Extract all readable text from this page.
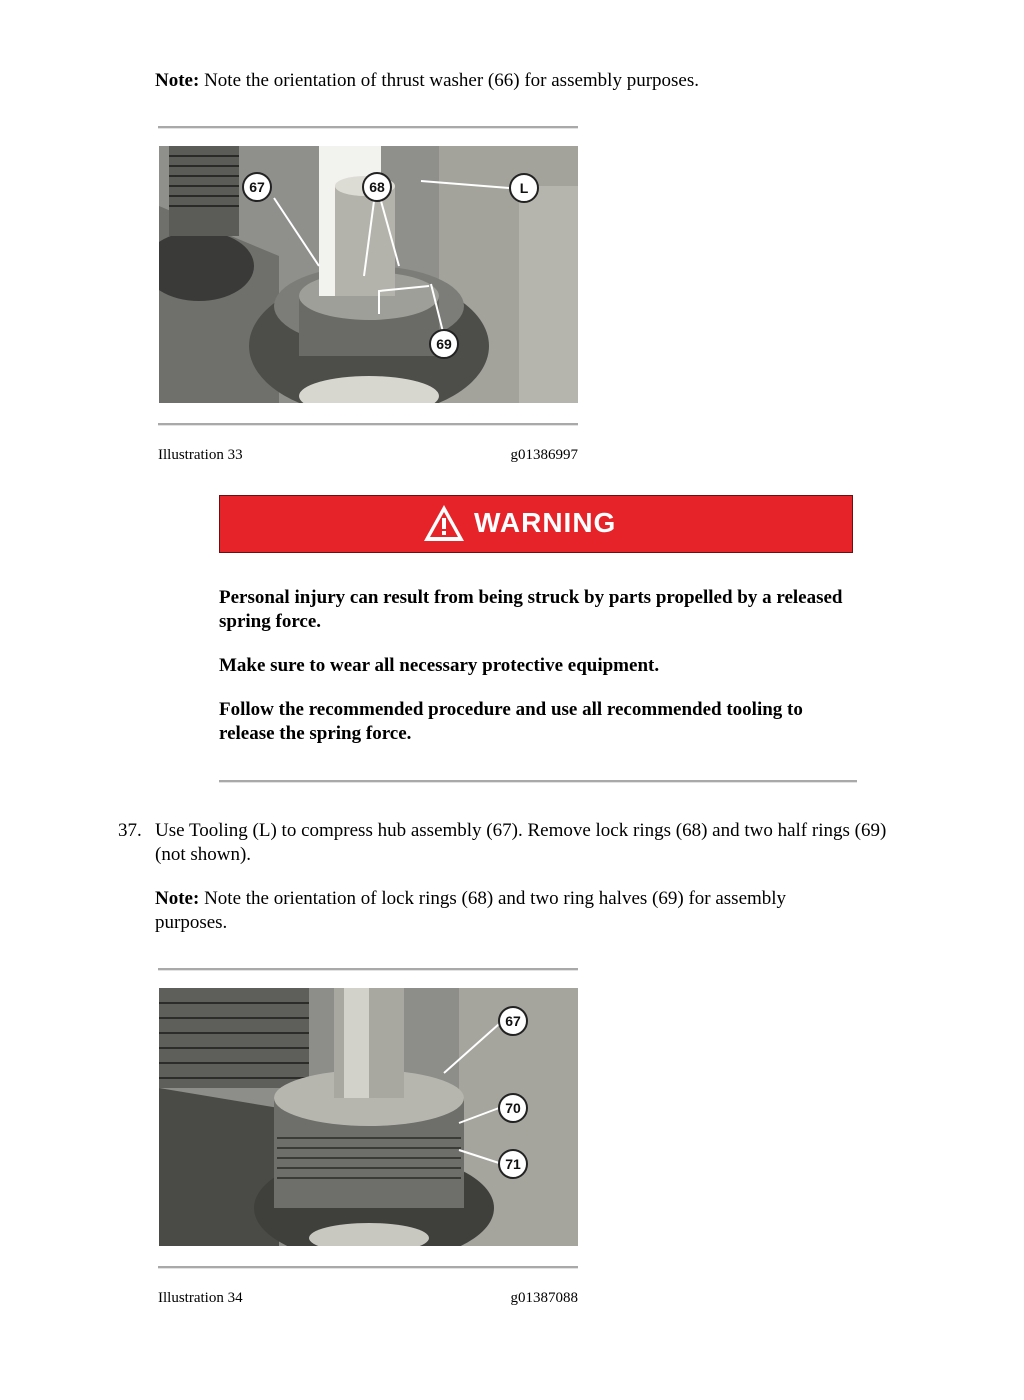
Note: Note the orientation of thrust washer (66) for assembly purposes.
67	68	L
69
Illustration 33	g01386997
WARNING
Personal injury can result from being struck by parts propelled by a released spring force.
Make sure to wear all necessary protective equipment.
Follow the recommended procedure and use all recommended tooling to release the spring force.
37. Use Tooling (L) to compress hub assembly (67). Remove lock rings (68) and two half rings (69) (not shown).
Note: Note the orientation of lock rings (68) and two ring halves (69) for assembly purposes.
67
70
71
Illustration 34	g01387088
